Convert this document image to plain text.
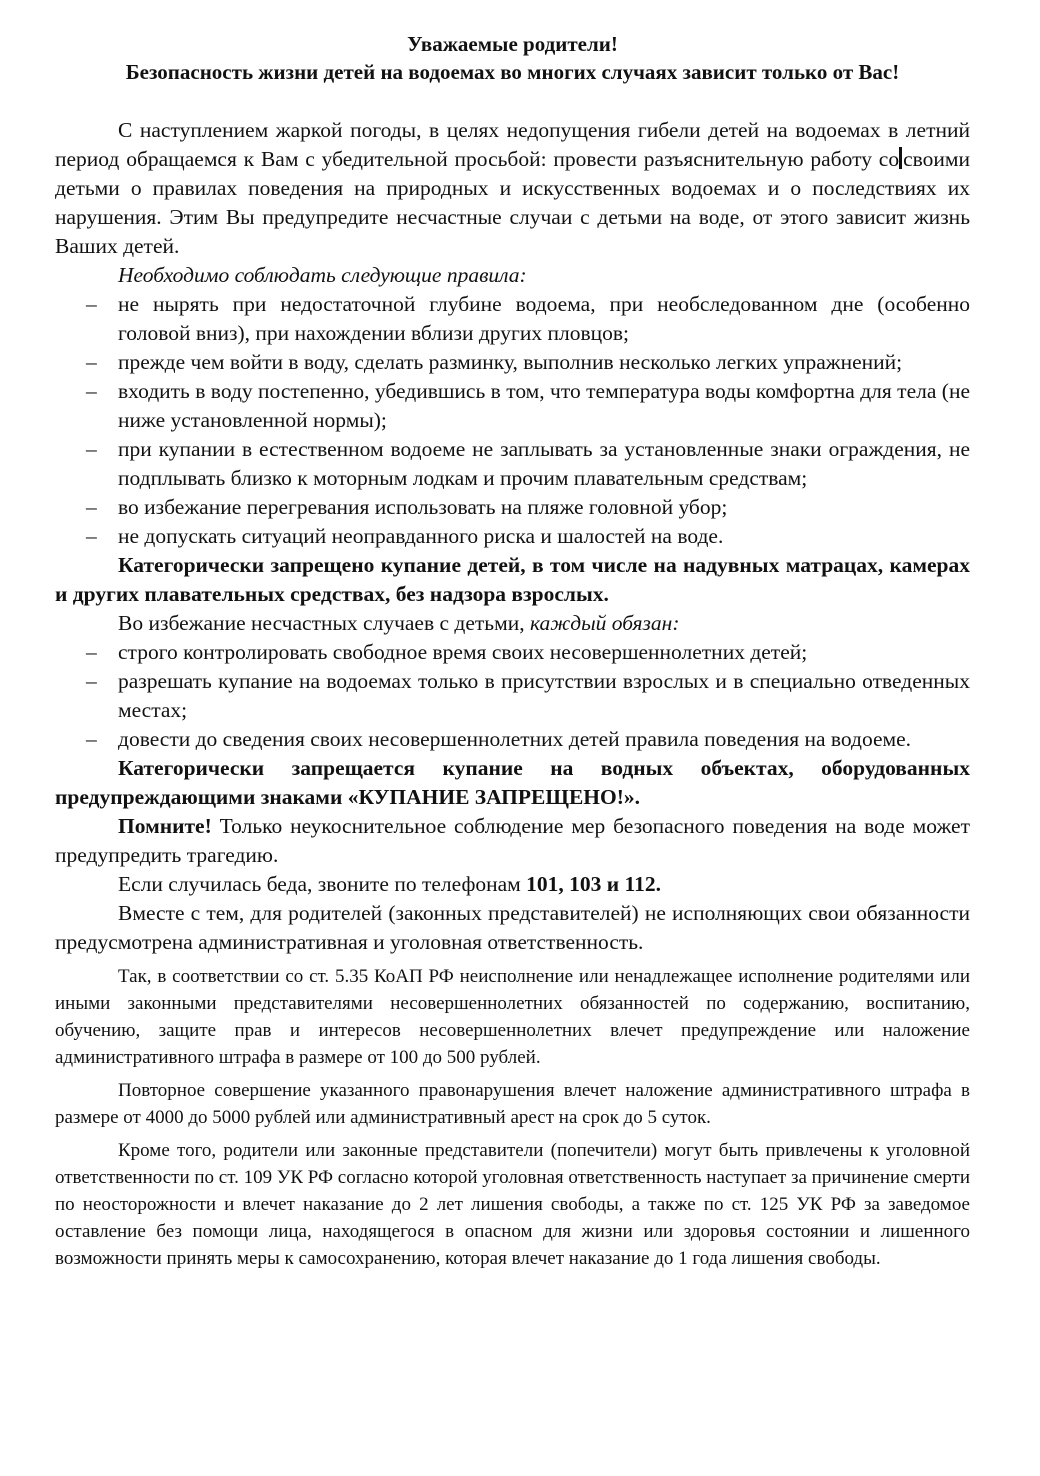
Уважаемые родители!

Безопасность жизни детей на водоемах во многих случаях зависит только от Вас!

С наступлением жаркой погоды, в целях недопущения гибели детей на водоемах в летний период обращаемся к Вам с убедительной просьбой: провести разъяснительную работу со своими детьми о правилах поведения на природных и искусственных водоемах и о последствиях их нарушения. Этим Вы предупредите несчастные случаи с детьми на воде, от этого зависит жизнь Ваших детей.

Необходимо соблюдать следующие правила:

– не нырять при недостаточной глубине водоема, при необследованном дне (особенно головой вниз), при нахождении вблизи других пловцов;
– прежде чем войти в воду, сделать разминку, выполнив несколько легких упражнений;
– входить в воду постепенно, убедившись в том, что температура воды комфортна для тела (не ниже установленной нормы);
– при купании в естественном водоеме не заплывать за установленные знаки ограждения, не подплывать близко к моторным лодкам и прочим плавательным средствам;
– во избежание перегревания использовать на пляже головной убор;
– не допускать ситуаций неоправданного риска и шалостей на воде.

Категорически запрещено купание детей, в том числе на надувных матрацах, камерах и других плавательных средствах, без надзора взрослых.

Во избежание несчастных случаев с детьми, каждый обязан:

– строго контролировать свободное время своих несовершеннолетних детей;
– разрешать купание на водоемах только в присутствии взрослых и в специально отведенных местах;
– довести до сведения своих несовершеннолетних детей правила поведения на водоеме.

Категорически запрещается купание на водных объектах, оборудованных предупреждающими знаками «КУПАНИЕ ЗАПРЕЩЕНО!».

Помните! Только неукоснительное соблюдение мер безопасного поведения на воде может предупредить трагедию.

Если случилась беда, звоните по телефонам 101, 103 и 112.

Вместе с тем, для родителей (законных представителей) не исполняющих свои обязанности предусмотрена административная и уголовная ответственность.

Так, в соответствии со ст. 5.35 КоАП РФ неисполнение или ненадлежащее исполнение родителями или иными законными представителями несовершеннолетних обязанностей по содержанию, воспитанию, обучению, защите прав и интересов несовершеннолетних влечет предупреждение или наложение административного штрафа в размере от 100 до 500 рублей.

Повторное совершение указанного правонарушения влечет наложение административного штрафа в размере от 4000 до 5000 рублей или административный арест на срок до 5 суток.

Кроме того, родители или законные представители (попечители) могут быть привлечены к уголовной ответственности по ст. 109 УК РФ согласно которой уголовная ответственность наступает за причинение смерти по неосторожности и влечет наказание до 2 лет лишения свободы, а также по ст. 125 УК РФ за заведомое оставление без помощи лица, находящегося в опасном для жизни или здоровья состоянии и лишенного возможности принять меры к самосохранению, которая влечет наказание до 1 года лишения свободы.
